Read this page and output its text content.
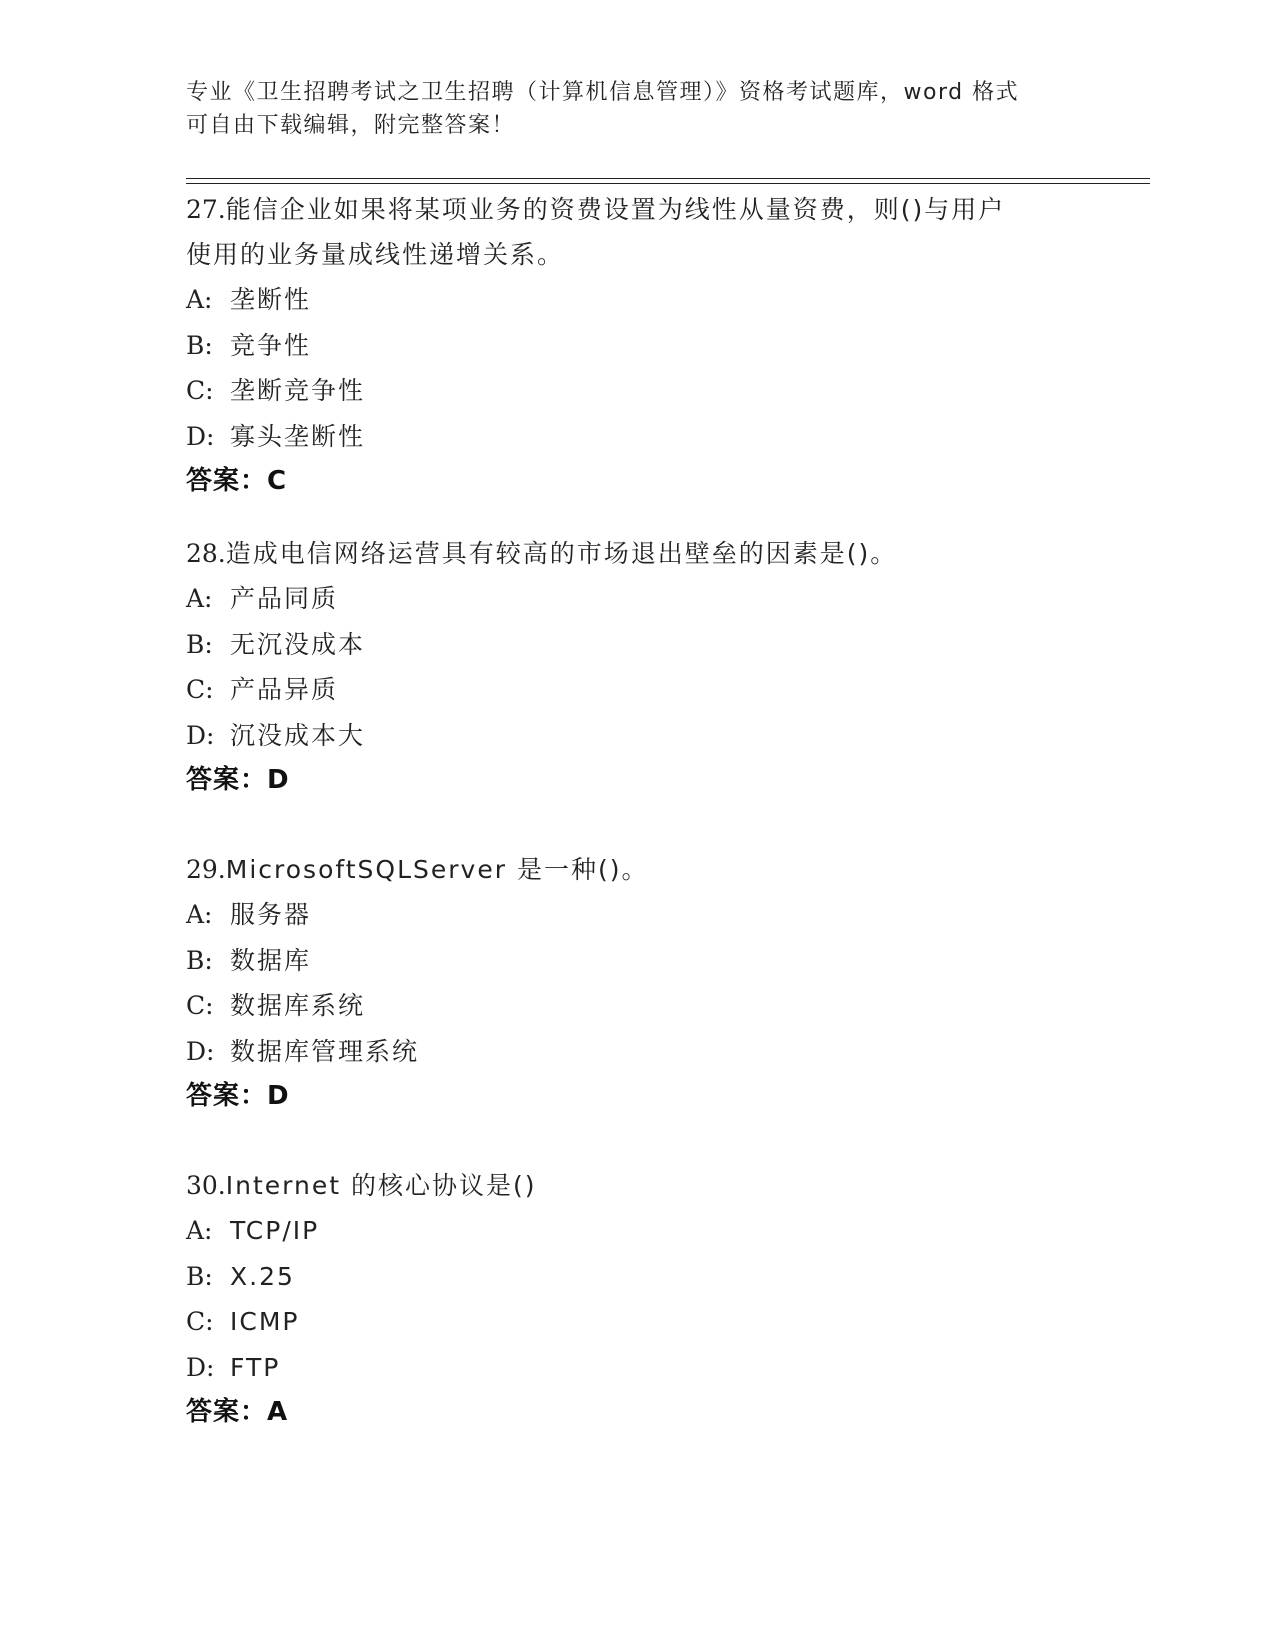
专业《卫生招聘考试之卫生招聘（计算机信息管理）》资格考试题库，word 格式
可自由下载编辑，附完整答案！
27.能信企业如果将某项业务的资费设置为线性从量资费，则()与用户
使用的业务量成线性递增关系。
A: 垄断性
B: 竞争性
C: 垄断竞争性
D: 寡头垄断性
答案：C
28.造成电信网络运营具有较高的市场退出壁垒的因素是()。
A: 产品同质
B: 无沉没成本
C: 产品异质
D: 沉没成本大
答案：D
29.MicrosoftSQLServer 是一种()。
A: 服务器
B: 数据库
C: 数据库系统
D: 数据库管理系统
答案：D
30.Internet 的核心协议是()
A: TCP/IP
B: X.25
C: ICMP
D: FTP
答案：A
